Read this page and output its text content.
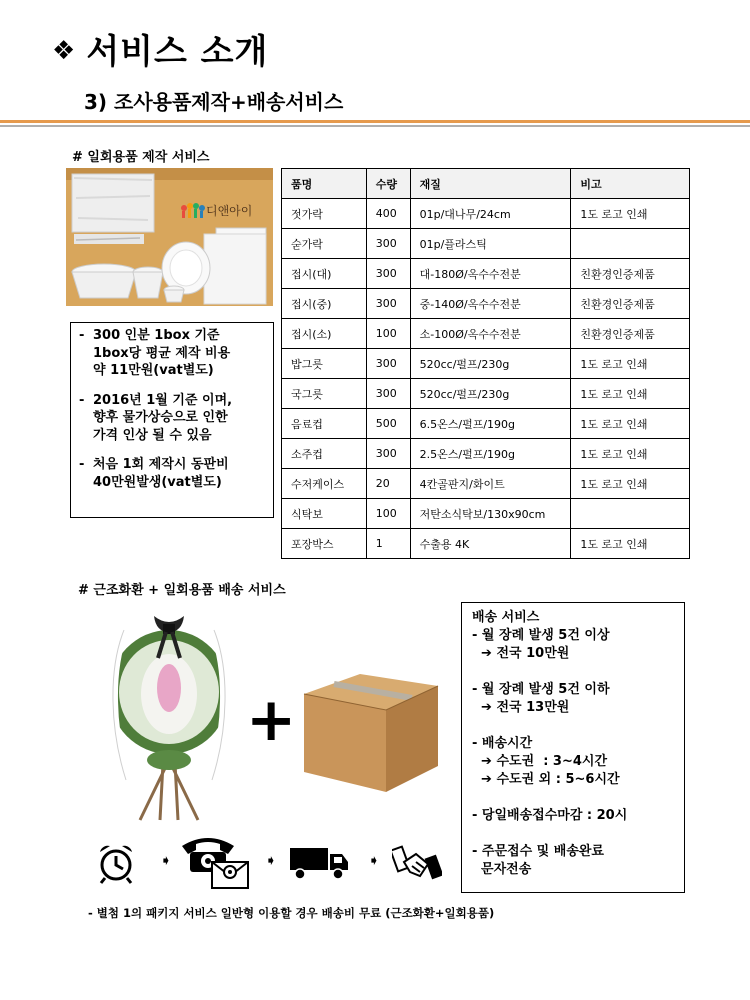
❖ 서비스 소개
3) 조사용품제작+배송서비스
# 일회용품 제작 서비스
디앤아이
- 300 인분 1box 기준
1box당 평균 제작 비용
약 11만원(vat별도)
- 2016년 1월 기준 이며,
향후 물가상승으로 인한
가격 인상 될 수 있음
- 처음 1회 제작시 동판비
40만원발생(vat별도)
품명	수량	재질	비고
젓가락	400	01p/대나무/24cm	1도 로고 인쇄
숟가락	300	01p/플라스틱	
접시(대)	300	대-180Ø/옥수수전분	친환경인증제품
접시(중)	300	중-140Ø/옥수수전분	친환경인증제품
접시(소)	100	소-100Ø/옥수수전분	친환경인증제품
밥그릇	300	520cc/펄프/230g	1도 로고 인쇄
국그릇	300	520cc/펄프/230g	1도 로고 인쇄
음료컵	500	6.5온스/펄프/190g	1도 로고 인쇄
소주컵	300	2.5온스/펄프/190g	1도 로고 인쇄
수저케이스	20	4칸골판지/화이트	1도 로고 인쇄
식탁보	100	저탄소식탁보/130x90cm	
포장박스	1	수출용 4K	1도 로고 인쇄
# 근조화환 + 일회용품 배송 서비스
+
배송 서비스
- 월 장례 발생 5건 이상
➔ 전국 10만원
- 월 장례 발생 5건 이하
➔ 전국 13만원
- 배송시간
➔ 수도권  : 3~4시간
➔ 수도권 외 : 5~6시간
- 당일배송접수마감 : 20시
- 주문접수 및 배송완료
문자전송
➧	➧	➧
- 별첨 1의 패키지 서비스 일반형 이용할 경우 배송비 무료 (근조화환+일회용품)
